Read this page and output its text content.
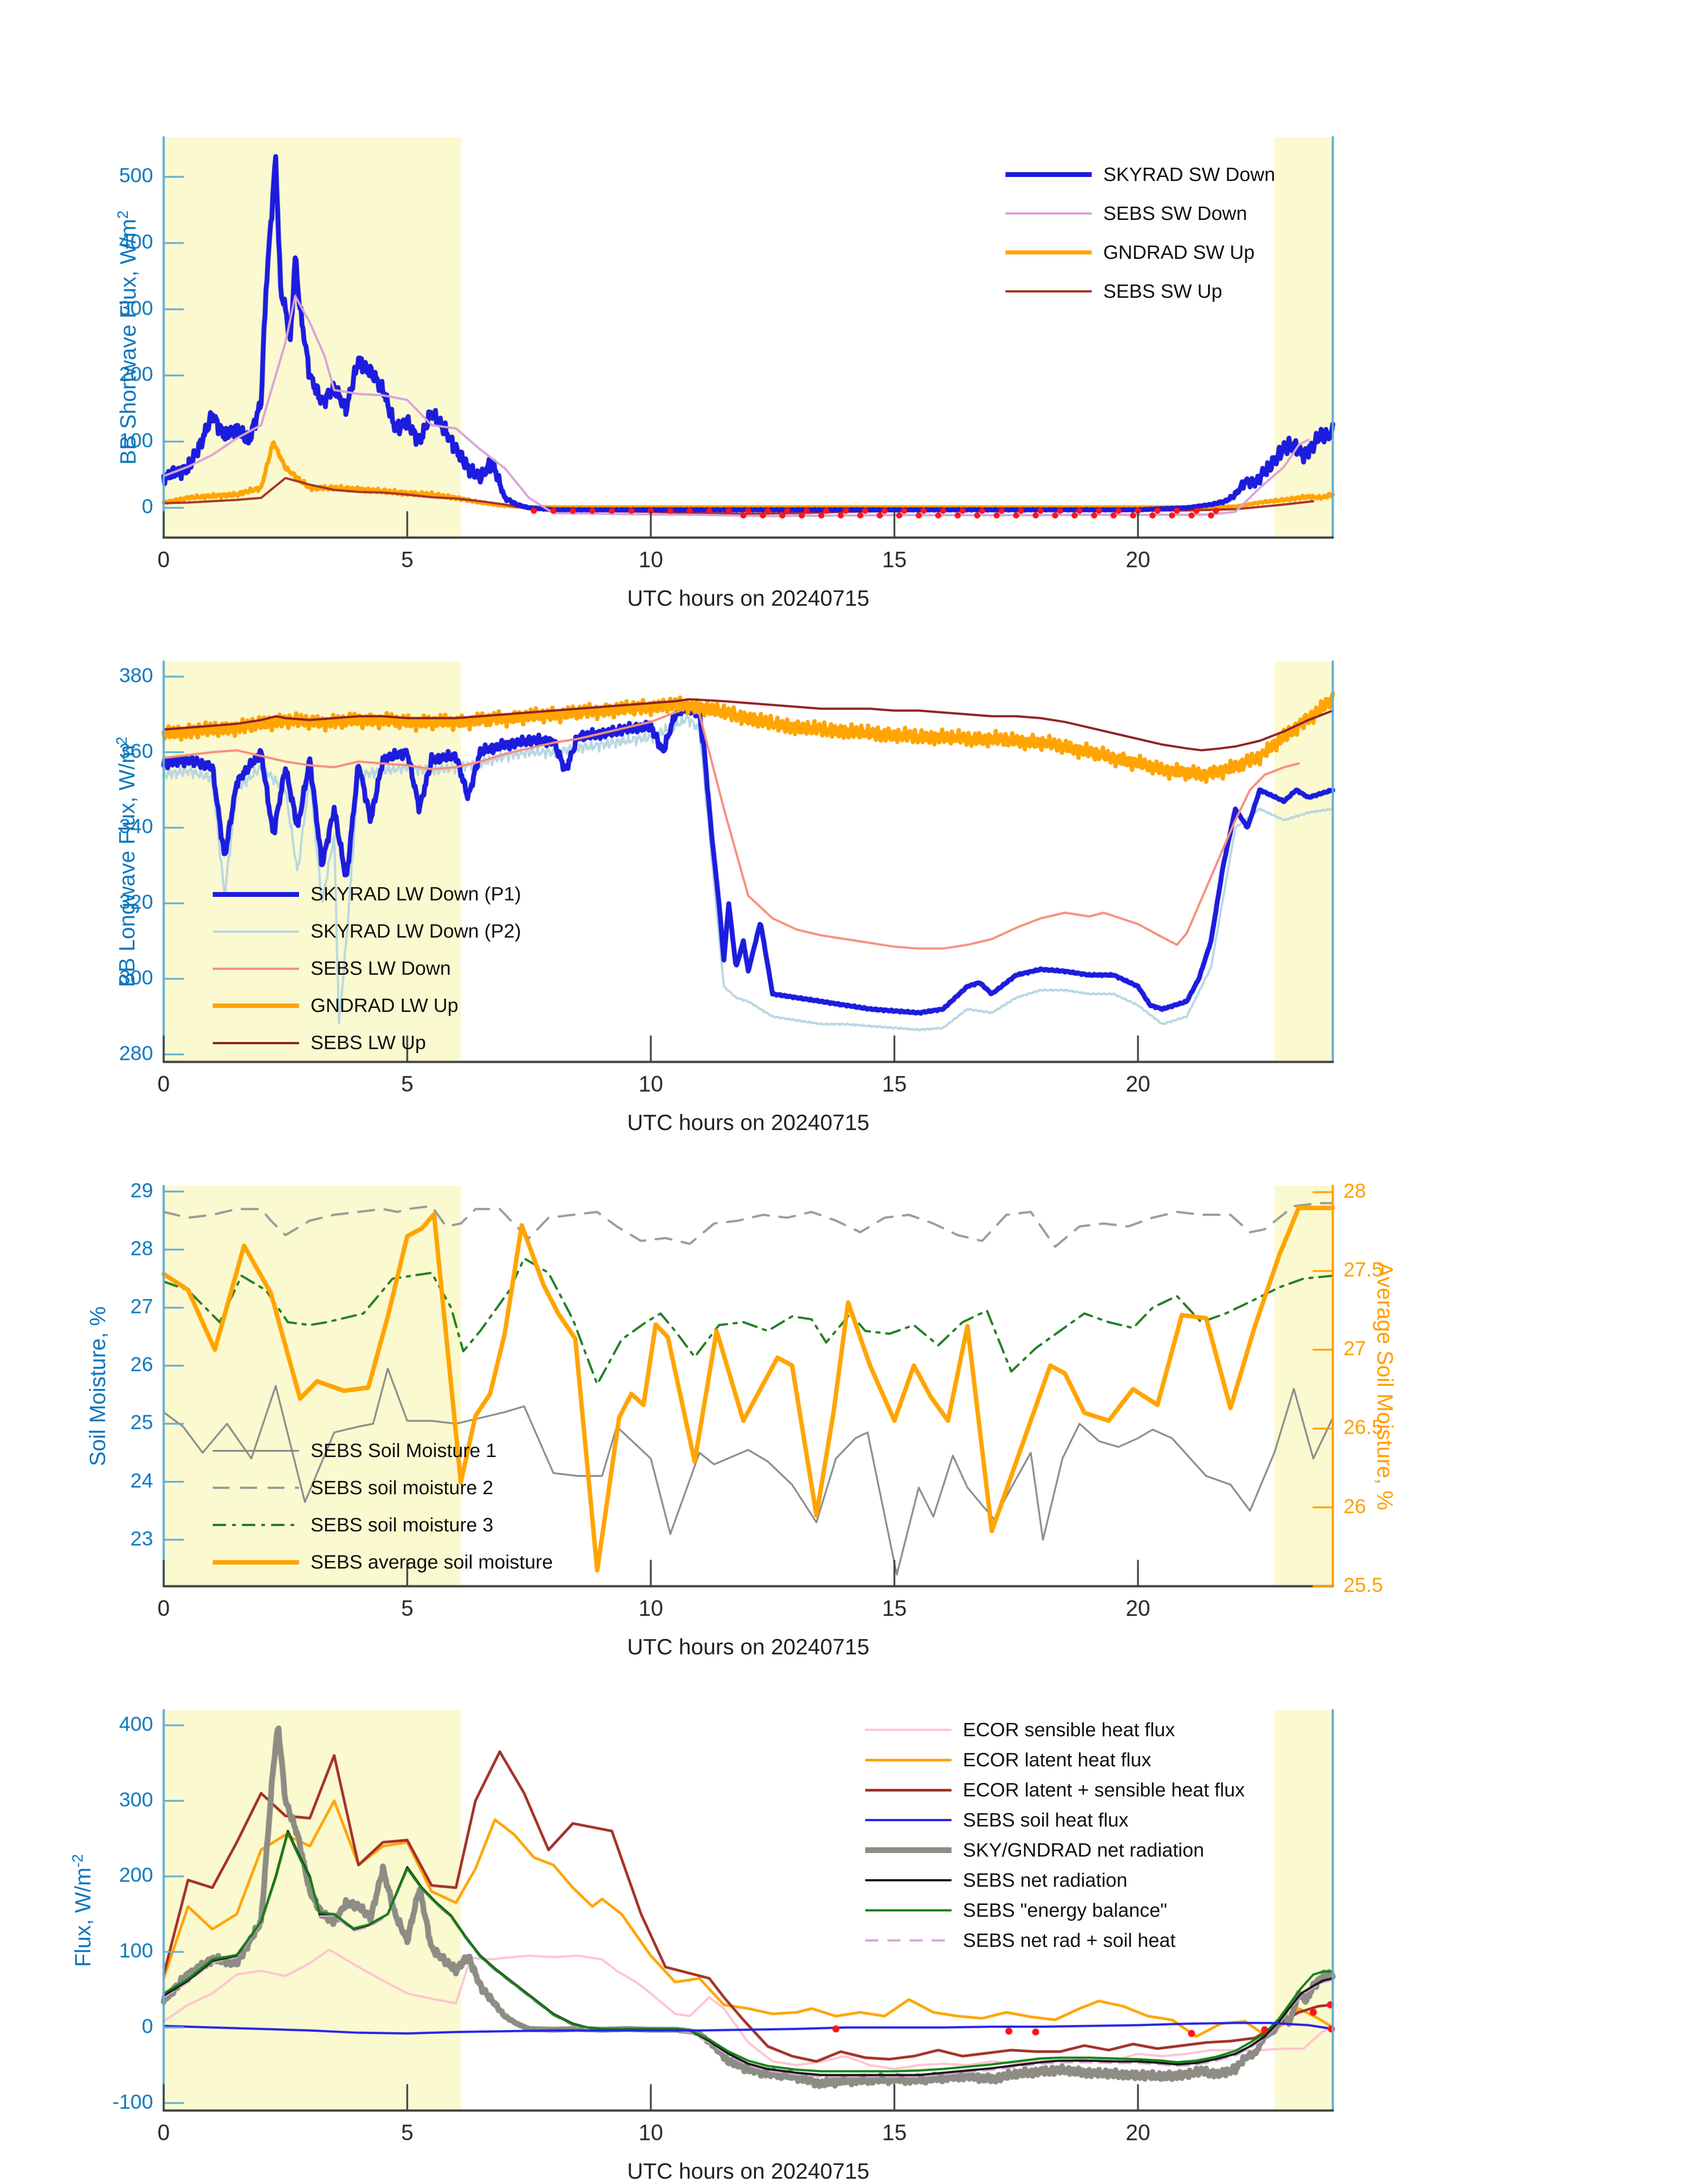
BB Shortwave Flux, $W/m^2$
BB Longwave Flux, $W/m^2$
Soil Moisture, %	Average Soil Moisture, %
Flux, $W/m^{-2}$
UTC hours on 20240715
UTC hours on 20240715
UTC hours on 20240715
UTC hours on 20240715
SKYRAD SW Down
SEBS SW Down
GNDRAD SW Up
SEBS SW Up
SKYRAD LW Down (P1)
SKYRAD LW Down (P2)
SEBS LW Down
GNDRAD LW Up
SEBS LW Up
SEBS Soil Moisture 1
SEBS soil moisture 2
SEBS soil moisture 3
SEBS average soil moisture
ECOR sensible heat flux
ECOR latent heat flux
ECOR latent + sensible heat flux
SEBS soil heat flux
SKY/GNDRAD net radiation
SEBS net radiation
SEBS "energy balance"
SEBS net rad + soil heat
